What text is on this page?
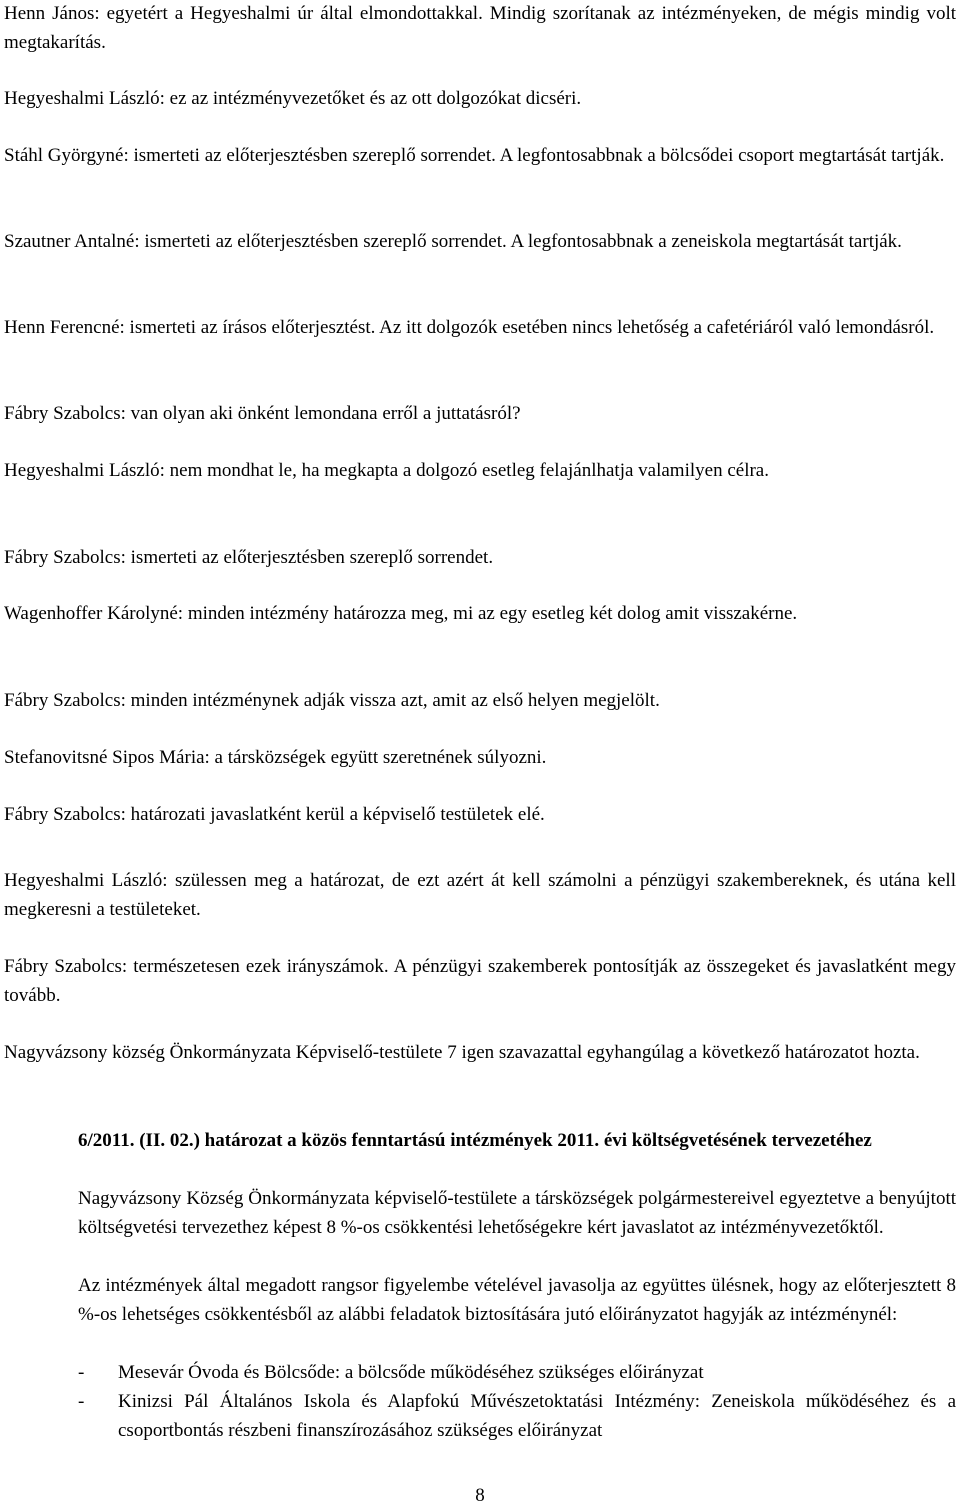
Henn János: egyetért a Hegyeshalmi úr által elmondottakkal. Mindig szorítanak az intézményeken, de mégis mindig volt megtakarítás.

Hegyeshalmi László: ez az intézményvezetőket és az ott dolgozókat dicséri.

Stáhl Györgyné: ismerteti az előterjesztésben szereplő sorrendet. A legfontosabbnak a bölcsődei csoport megtartását tartják.

Szautner Antalné: ismerteti az előterjesztésben szereplő sorrendet. A legfontosabbnak a zeneiskola megtartását tartják.

Henn Ferencné: ismerteti az írásos előterjesztést. Az itt dolgozók esetében nincs lehetőség a cafetériáról való lemondásról.

Fábry Szabolcs: van olyan aki önként lemondana erről a juttatásról?

Hegyeshalmi László: nem mondhat le, ha megkapta a dolgozó esetleg felajánlhatja valamilyen célra.

Fábry Szabolcs: ismerteti az előterjesztésben szereplő sorrendet.

Wagenhoffer Károlyné: minden intézmény határozza meg, mi az egy esetleg két dolog amit visszakérne.

Fábry Szabolcs: minden intézménynek adják vissza azt, amit az első helyen megjelölt.

Stefanovitsné Sipos Mária: a társközségek együtt szeretnének súlyozni.

Fábry Szabolcs: határozati javaslatként kerül a képviselő testületek elé.

Hegyeshalmi László: szülessen meg a határozat, de ezt azért át kell számolni a pénzügyi szakembereknek, és utána kell megkeresni a testületeket.

Fábry Szabolcs: természetesen ezek irányszámok. A pénzügyi szakemberek pontosítják az összegeket és javaslatként megy tovább.

Nagyvázsony község Önkormányzata Képviselő-testülete 7 igen szavazattal egyhangúlag a következő határozatot hozta.

6/2011. (II. 02.) határozat a közös fenntartású intézmények 2011. évi költségvetésének tervezetéhez

Nagyvázsony Község Önkormányzata képviselő-testülete a társközségek polgármestereivel egyeztetve a benyújtott költségvetési tervezethez képest 8 %-os csökkentési lehetőségekre kért javaslatot az intézményvezetőktől.

Az intézmények által megadott rangsor figyelembe vételével javasolja az együttes ülésnek, hogy az előterjesztett 8 %-os lehetséges csökkentésből az alábbi feladatok biztosítására jutó előirányzatot hagyják az intézménynél:

- Mesevár Óvoda és Bölcsőde: a bölcsőde működéséhez szükséges előirányzat
- Kinizsi Pál Általános Iskola és Alapfokú Művészetoktatási Intézmény: Zeneiskola működéséhez és a csoportbontás részbeni finanszírozásához szükséges előirányzat
8
